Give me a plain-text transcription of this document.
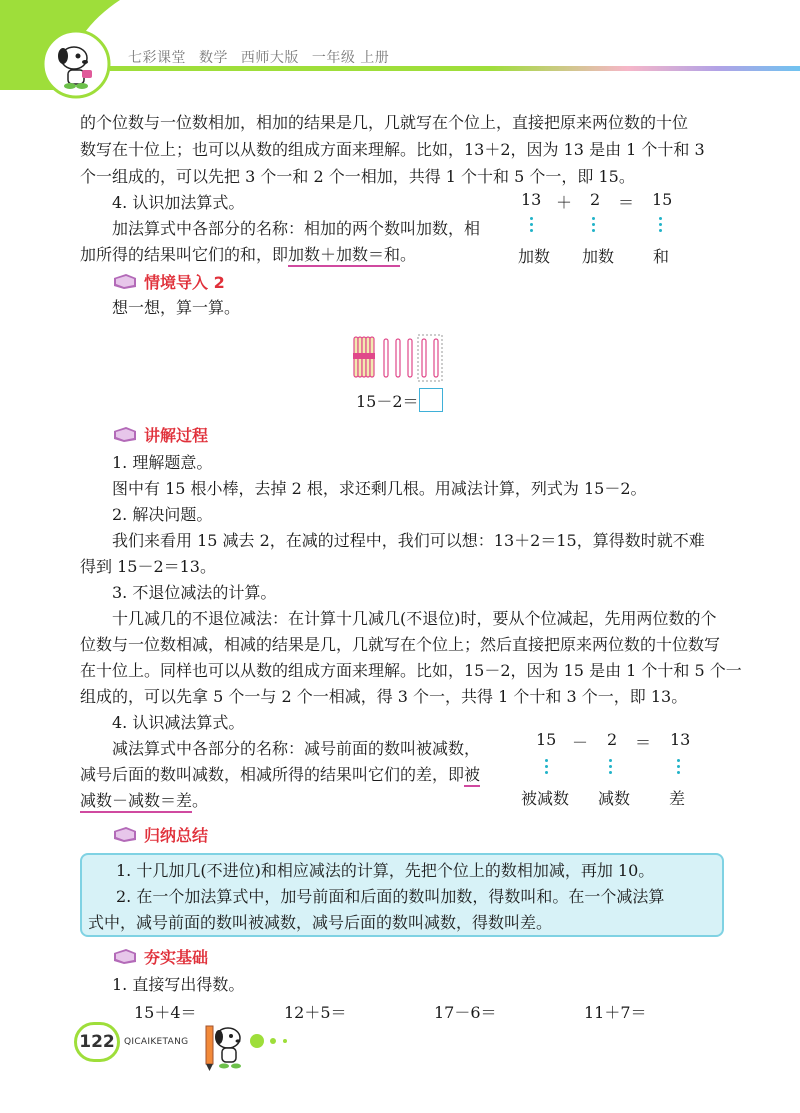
七彩课堂 数学 西师大版 一年级 上册
的个位数与一位数相加，相加的结果是几，几就写在个位上，直接把原来两位数的十位
数写在十位上；也可以从数的组成方面来理解。比如，13＋2，因为 13 是由 1 个十和 3
个一组成的，可以先把 3 个一和 2 个一相加，共得 1 个十和 5 个一，即 15。
4. 认识加法算式。
加法算式中各部分的名称：相加的两个数叫加数，相
加所得的结果叫它们的和，即加数＋加数＝和。
13 ＋ 2 ＝ 15
加数 加数 和
情境导入 2
想一想，算一算。
15－2＝
讲解过程
1. 理解题意。
图中有 15 根小棒，去掉 2 根，求还剩几根。用减法计算，列式为 15－2。
2. 解决问题。
我们来看用 15 减去 2，在减的过程中，我们可以想：13＋2＝15，算得数时就不难
得到 15－2＝13。
3. 不退位减法的计算。
十几减几的不退位减法：在计算十几减几(不退位)时，要从个位减起，先用两位数的个
位数与一位数相减，相减的结果是几，几就写在个位上；然后直接把原来两位数的十位数写
在十位上。同样也可以从数的组成方面来理解。比如，15－2，因为 15 是由 1 个十和 5 个一
组成的，可以先拿 5 个一与 2 个一相减，得 3 个一，共得 1 个十和 3 个一，即 13。
4. 认识减法算式。
减法算式中各部分的名称：减号前面的数叫被减数，
减号后面的数叫减数，相减所得的结果叫它们的差，即被
减数－减数＝差。
15 － 2 ＝ 13
被减数 减数 差
归纳总结
1. 十几加几(不进位)和相应减法的计算，先把个位上的数相加减，再加 10。
2. 在一个加法算式中，加号前面和后面的数叫加数，得数叫和。在一个减法算
式中，减号前面的数叫被减数，减号后面的数叫减数，得数叫差。
夯实基础
1. 直接写出得数。
15＋4＝	12＋5＝	17－6＝	11＋7＝
122	QICAIKETANG
